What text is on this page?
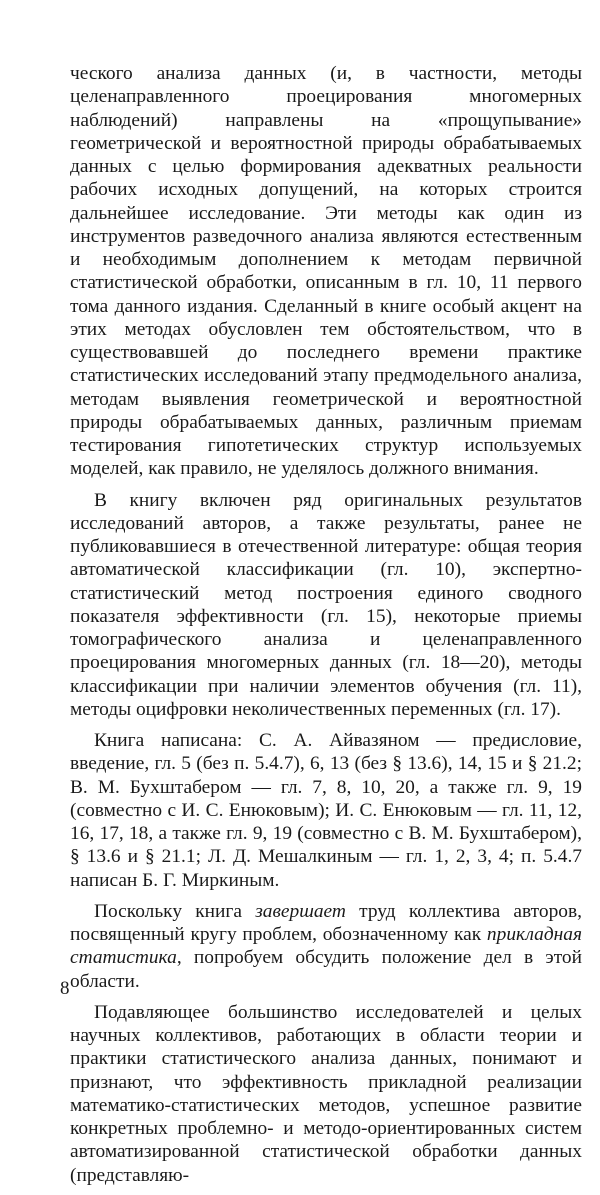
ческого анализа данных (и, в частности, методы целенаправленного проецирования многомерных наблюдений) направлены на «прощупывание» геометрической и вероятностной природы обрабатываемых данных с целью формирования адекватных реальности рабочих исходных допущений, на которых строится дальнейшее исследование. Эти методы как один из инструментов разведочного анализа являются естественным и необходимым дополнением к методам первичной статистической обработки, описанным в гл. 10, 11 первого тома данного издания. Сделанный в книге особый акцент на этих методах обусловлен тем обстоятельством, что в существовавшей до последнего времени практике статистических исследований этапу предмодельного анализа, методам выявления геометрической и вероятностной природы обрабатываемых данных, различным приемам тестирования гипотетических структур используемых моделей, как правило, не уделялось должного внимания.

В книгу включен ряд оригинальных результатов исследований авторов, а также результаты, ранее не публиковавшиеся в отечественной литературе: общая теория автоматической классификации (гл. 10), экспертно-статистический метод построения единого сводного показателя эффективности (гл. 15), некоторые приемы томографического анализа и целенаправленного проецирования многомерных данных (гл. 18—20), методы классификации при наличии элементов обучения (гл. 11), методы оцифровки неколичественных переменных (гл. 17).

Книга написана: С. А. Айвазяном — предисловие, введение, гл. 5 (без п. 5.4.7), 6, 13 (без § 13.6), 14, 15 и § 21.2; В. М. Бухштабером — гл. 7, 8, 10, 20, а также гл. 9, 19 (совместно с И. С. Енюковым); И. С. Енюковым — гл. 11, 12, 16, 17, 18, а также гл. 9, 19 (совместно с В. М. Бухштабером), § 13.6 и § 21.1; Л. Д. Мешалкиным — гл. 1, 2, 3, 4; п. 5.4.7 написан Б. Г. Миркиным.

Поскольку книга завершает труд коллектива авторов, посвященный кругу проблем, обозначенному как прикладная статистика, попробуем обсудить положение дел в этой области.

Подавляющее большинство исследователей и целых научных коллективов, работающих в области теории и практики статистического анализа данных, понимают и признают, что эффективность прикладной реализации математико-статистических методов, успешное развитие конкретных проблемно- и методо-ориентированных систем автоматизированной статистической обработки данных (представляю-

8
